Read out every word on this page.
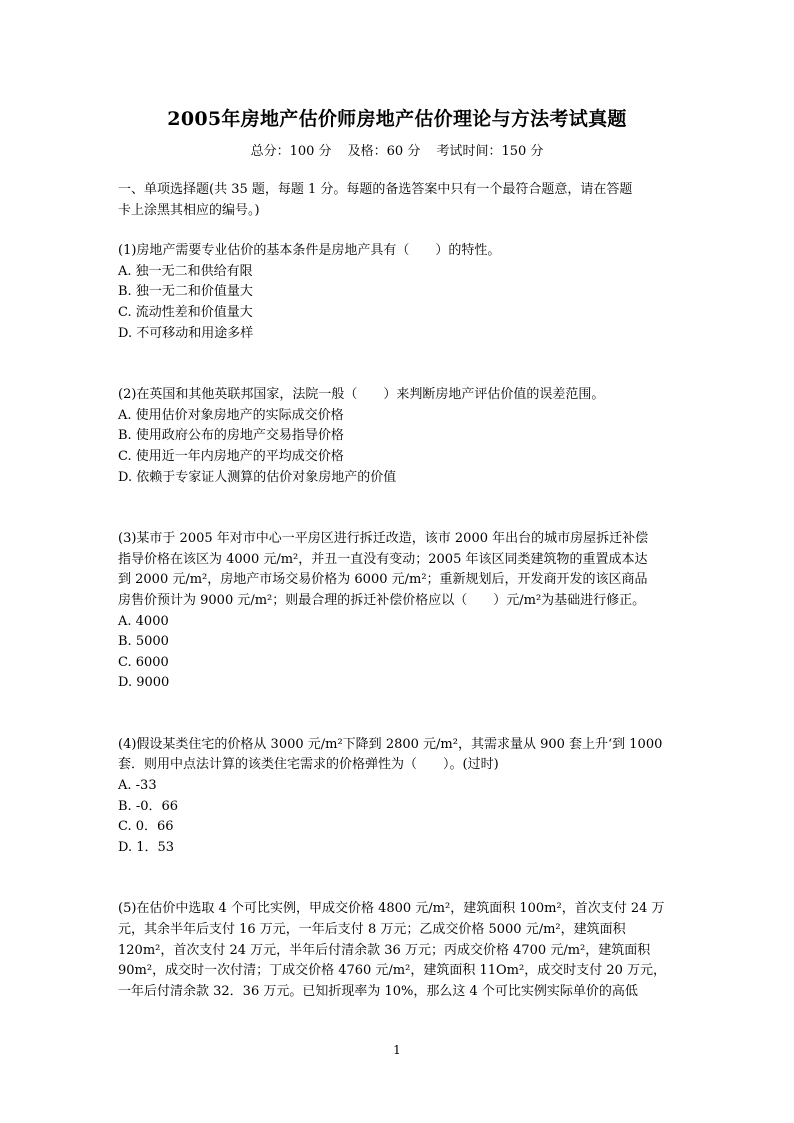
2005年房地产估价师房地产估价理论与方法考试真题
总分：100 分 及格：60 分 考试时间：150 分
一、单项选择题(共 35 题，每题 1 分。每题的备选答案中只有一个最符合题意，请在答题
卡上涂黑其相应的编号。)
(1)房地产需要专业估价的基本条件是房地产具有（　　）的特性。
A. 独一无二和供给有限
B. 独一无二和价值量大
C. 流动性差和价值量大
D. 不可移动和用途多样
(2)在英国和其他英联邦国家，法院一般（　　）来判断房地产评估价值的误差范围。
A. 使用估价对象房地产的实际成交价格
B. 使用政府公布的房地产交易指导价格
C. 使用近一年内房地产的平均成交价格
D. 依赖于专家证人测算的估价对象房地产的价值
(3)某市于 2005 年对市中心一平房区进行拆迁改造，该市 2000 年出台的城市房屋拆迁补偿
指导价格在该区为 4000 元/m²，并丑一直没有变动；2005 年该区同类建筑物的重置成本达
到 2000 元/m²，房地产市场交易价格为 6000 元/m²；重新规划后，开发商开发的该区商品
房售价预计为 9000 元/m²；则最合理的拆迁补偿价格应以（　　）元/m²为基础进行修正。
A. 4000
B. 5000
C. 6000
D. 9000
(4)假设某类住宅的价格从 3000 元/m²下降到 2800 元/m²，其需求量从 900 套上升‘到 1000
套．则用中点法计算的该类住宅需求的价格弹性为（　　）。(过时)
A. -33
B. -0．66
C. 0．66
D. 1．53
(5)在估价中选取 4 个可比实例，甲成交价格 4800 元/m²，建筑面积 100m²，首次支付 24 万
元，其余半年后支付 16 万元，一年后支付 8 万元；乙成交价格 5000 元/m²，建筑面积
120m²，首次支付 24 万元，半年后付清余款 36 万元；丙成交价格 4700 元/m²，建筑面积
90m²，成交时一次付清；丁成交价格 4760 元/m²，建筑面积 11Om²，成交时支付 20 万元，
一年后付清余款 32．36 万元。已知折现率为 10%，那么这 4 个可比实例实际单价的高低
1
